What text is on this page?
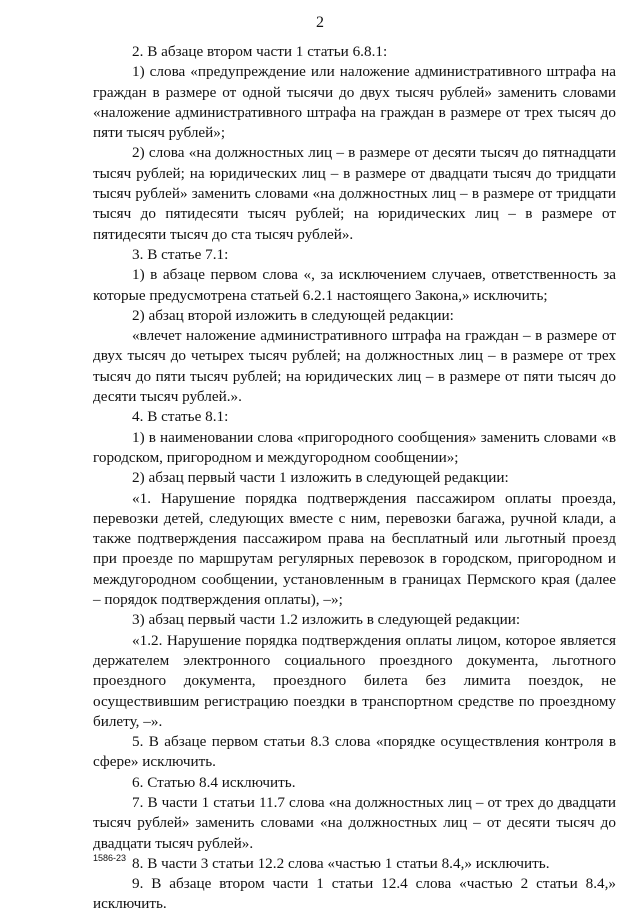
2

2. В абзаце втором части 1 статьи 6.8.1:

1) слова «предупреждение или наложение административного штрафа на граждан в размере от одной тысячи до двух тысяч рублей» заменить словами «наложение административного штрафа на граждан в размере от трех тысяч до пяти тысяч рублей»;

2) слова «на должностных лиц – в размере от десяти тысяч до пятнадцати тысяч рублей; на юридических лиц – в размере от двадцати тысяч до тридцати тысяч рублей» заменить словами «на должностных лиц – в размере от тридцати тысяч до пятидесяти тысяч рублей; на юридических лиц – в размере от пятидесяти тысяч до ста тысяч рублей».

3. В статье 7.1:

1) в абзаце первом слова «, за исключением случаев, ответственность за которые предусмотрена статьей 6.2.1 настоящего Закона,» исключить;

2) абзац второй изложить в следующей редакции:

«влечет наложение административного штрафа на граждан – в размере от двух тысяч до четырех тысяч рублей; на должностных лиц – в размере от трех тысяч до пяти тысяч рублей; на юридических лиц – в размере от пяти тысяч до десяти тысяч рублей.».

4. В статье 8.1:

1) в наименовании слова «пригородного сообщения» заменить словами «в городском, пригородном и междугородном сообщении»;

2) абзац первый части 1 изложить в следующей редакции:

«1. Нарушение порядка подтверждения пассажиром оплаты проезда, перевозки детей, следующих вместе с ним, перевозки багажа, ручной клади, а также подтверждения пассажиром права на бесплатный или льготный проезд при проезде по маршрутам регулярных перевозок в городском, пригородном и междугородном сообщении, установленным в границах Пермского края (далее – порядок подтверждения оплаты), –»;

3) абзац первый части 1.2 изложить в следующей редакции:

«1.2. Нарушение порядка подтверждения оплаты лицом, которое является держателем электронного социального проездного документа, льготного проездного документа, проездного билета без лимита поездок, не осуществившим регистрацию поездки в транспортном средстве по проездному билету, –».

5. В абзаце первом статьи 8.3 слова «порядке осуществления контроля в сфере» исключить.

6. Статью 8.4 исключить.

7. В части 1 статьи 11.7 слова «на должностных лиц – от трех до двадцати тысяч рублей» заменить словами «на должностных лиц – от десяти тысяч до двадцати тысяч рублей».

8. В части 3 статьи 12.2 слова «частью 1 статьи 8.4,» исключить.

9. В абзаце втором части 1 статьи 12.4 слова «частью 2 статьи 8.4,» исключить.

1586-23
